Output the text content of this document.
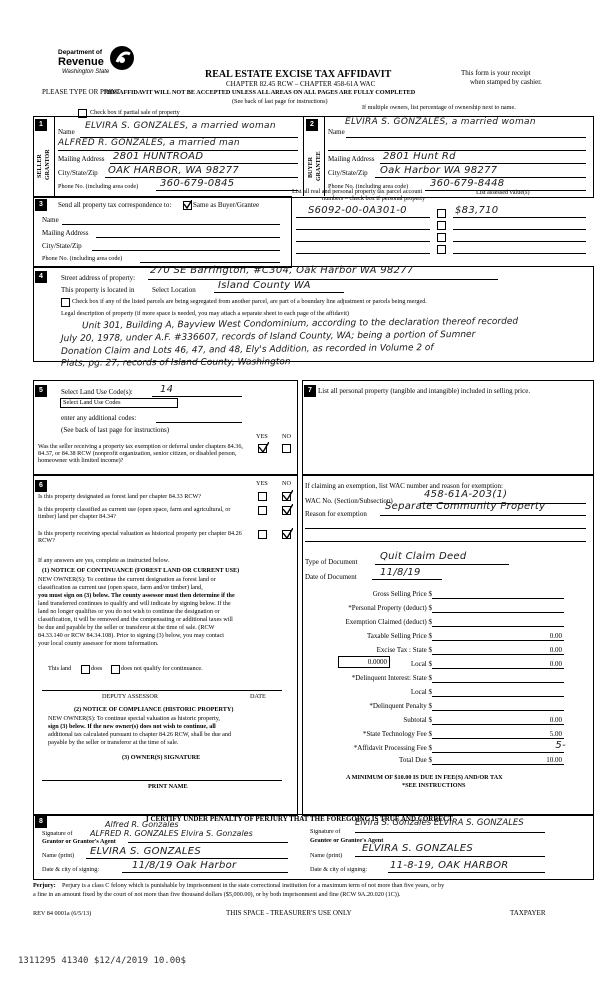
Department of
Revenue
Washington State
PLEASE TYPE OR PRINT
REAL ESTATE EXCISE TAX AFFIDAVIT
CHAPTER 82.45 RCW – CHAPTER 458-61A WAC
THIS AFFIDAVIT WILL NOT BE ACCEPTED UNLESS ALL AREAS ON ALL PAGES ARE FULLY COMPLETED
(See back of last page for instructions)
This form is your receipt
when stamped by cashier.
Check box if partial sale of property
If multiple owners, list percentage of ownership next to name.
1
SELLER GRANTOR
Name
ELVIRA S. GONZALES, a married woman
ALFRED R. GONZALES, a married man
Mailing Address 2801 HUNTROAD
City/State/Zip OAK HARBOR, WA 98277
Phone No. (including area code) 360-679-0845
2
BUYER GRANTEE
Name
ELVIRA S. GONZALES, a married woman
Mailing Address 2801 Hunt Rd
City/State/Zip Oak Harbor WA 98277
Phone No. (including area code) 360-679-8448
3	Send all property tax correspondence to:	Same as Buyer/Grantee
Name
Mailing Address
City/State/Zip
Phone No. (including area code)
List all real and personal property tax parcel account
numbers – check box if personal property
List assessed value(s)
S6092-00-0A301-0	$83,710
4	Street address of property:
270 SE Barrington, #C304, Oak Harbor WA 98277
This property is located in	Select Location Island County WA
Check box if any of the listed parcels are being segregated from another parcel, are part of a boundary line adjustment or parcels being merged.
Legal description of property (if more space is needed, you may attach a separate sheet to each page of the affidavit)
Unit 301, Building A, Bayview West Condominium, according to the declaration thereof recorded
July 20, 1978, under A.F. #336607, records of Island County, WA; being a portion of Sumner
Donation Claim and Lots 46, 47, and 48, Ely's Addition, as recorded in Volume 2 of
Plats, pg. 27, records of Island County, Washington
5	Select Land Use Code(s):	14
Select Land Use Codes
enter any additional codes:
(See back of last page for instructions)
YES NO
Was the seller receiving a property tax exemption or deferral under chapters 84.36, 84.37, or 84.38 RCW (nonprofit organization, senior citizen, or disabled person, homeowner with limited income)?
7 List all personal property (tangible and intangible) included in selling price.
6	YES NO
Is this property designated as forest land per chapter 84.33 RCW?
Is this property classified as current use (open space, farm and agricultural, or timber) land per chapter 84.34?
Is this property receiving special valuation as historical property per chapter 84.26 RCW?
If any answers are yes, complete as instructed below.
(1) NOTICE OF CONTINUANCE (FOREST LAND OR CURRENT USE)
NEW OWNER(S): To continue the current designation as forest land or
classification as current use (open space, farm and/or timber) land,
you must sign on (3) below. The county assessor must then determine if the
land transferred continues to qualify and will indicate by signing below. If the
land no longer qualifies or you do not wish to continue the designation or
classification, it will be removed and the compensating or additional taxes will
be due and payable by the seller or transferor at the time of sale. (RCW
84.33.140 or RCW 84.34.108). Prior to signing (3) below, you may contact
your local county assessor for more information.
This land	does	does not qualify for continuance.
DEPUTY ASSESSOR	DATE
(2) NOTICE OF COMPLIANCE (HISTORIC PROPERTY)
NEW OWNER(S): To continue special valuation as historic property,
sign (3) below. If the new owner(s) does not wish to continue, all
additional tax calculated pursuant to chapter 84.26 RCW, shall be due and
payable by the seller or transferor at the time of sale.
(3) OWNER(S) SIGNATURE
PRINT NAME
If claiming an exemption, list WAC number and reason for exemption:
WAC No. (Section/Subsection)
458-61A-203(1)
Reason for exemption
Separate Community Property
Type of Document Quit Claim Deed
Date of Document 11/8/19
Gross Selling Price $
*Personal Property (deduct) $
Exemption Claimed (deduct) $
Taxable Selling Price $	0.00
Excise Tax : State $	0.00
0.0000	Local $	0.00
*Delinquent Interest: State $
Local $
*Delinquent Penalty $
Subtotal $	0.00
*State Technology Fee $	5.00
*Affidavit Processing Fee $	5-
Total Due $	10.00
A MINIMUM OF $10.00 IS DUE IN FEE(S) AND/OR TAX
*SEE INSTRUCTIONS
8	I CERTIFY UNDER PENALTY OF PERJURY THAT THE FOREGOING IS TRUE AND CORRECT.
Signature of
Grantor or Grantor's Agent
Alfred R. Gonzales
ALFRED R. GONZALES Elvira S. Gonzales
Name (print) ELVIRA S. GONZALES
Date & city of signing:	11/8/19 Oak Harbor
Signature of
Grantee or Grantee's Agent
Elvira S. Gonzales ELVIRA S. GONZALES
Name (print)
ELVIRA S. GONZALES
Date & city of signing: 11-8-19, OAK HARBOR
Perjury: Perjury is a class C felony which is punishable by imprisonment in the state correctional institution for a maximum term of not more than five years, or by
a fine in an amount fixed by the court of not more than five thousand dollars ($5,000.00), or by both imprisonment and fine (RCW 9A.20.020 (1C)).
REV 84 0001a (6/5/13)	THIS SPACE - TREASURER'S USE ONLY	TAXPAYER
1311295 41340 $12/4/2019 10.00$
